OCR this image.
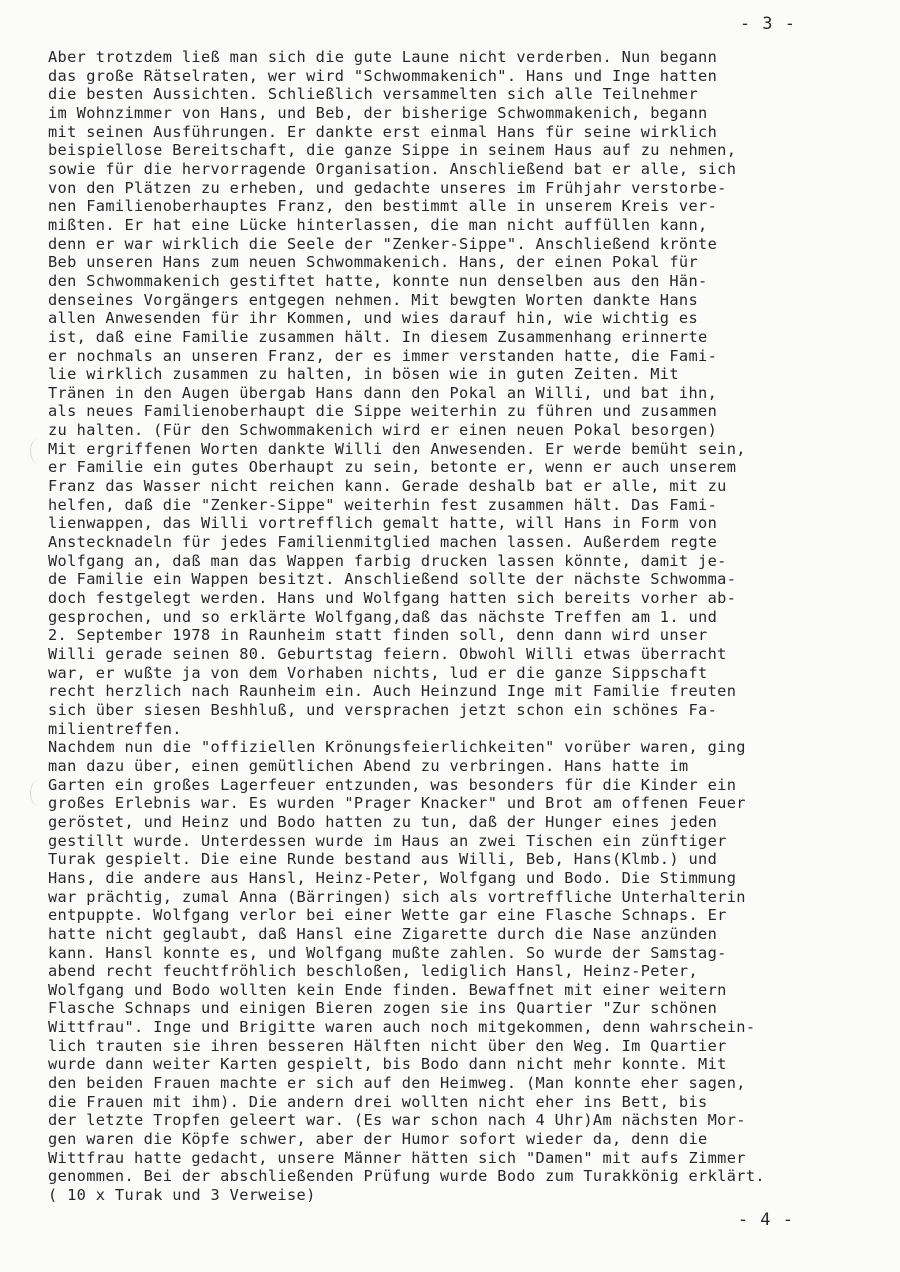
- 3 -
Aber trotzdem ließ man sich die gute Laune nicht verderben. Nun begann
das große Rätselraten, wer wird "Schwommakenich". Hans und Inge hatten
die besten Aussichten. Schließlich versammelten sich alle Teilnehmer
im Wohnzimmer von Hans, und Beb, der bisherige Schwommakenich, begann
mit seinen Ausführungen. Er dankte erst einmal Hans für seine wirklich
beispiellose Bereitschaft, die ganze Sippe in seinem Haus auf zu nehmen,
sowie für die hervorragende Organisation. Anschließend bat er alle, sich
von den Plätzen zu erheben, und gedachte unseres im Frühjahr verstorbe-
nen Familienoberhauptes Franz, den bestimmt alle in unserem Kreis ver-
mißten. Er hat eine Lücke hinterlassen, die man nicht auffüllen kann,
denn er war wirklich die Seele der "Zenker-Sippe". Anschließend krönte
Beb unseren Hans zum neuen Schwommakenich. Hans, der einen Pokal für
den Schwommakenich gestiftet hatte, konnte nun denselben aus den Hän-
denseines Vorgängers entgegen nehmen. Mit bewgten Worten dankte Hans
allen Anwesenden für ihr Kommen, und wies darauf hin, wie wichtig es
ist, daß eine Familie zusammen hält. In diesem Zusammenhang erinnerte
er nochmals an unseren Franz, der es immer verstanden hatte, die Fami-
lie wirklich zusammen zu halten, in bösen wie in guten Zeiten. Mit
Tränen in den Augen übergab Hans dann den Pokal an Willi, und bat ihn,
als neues Familienoberhaupt die Sippe weiterhin zu führen und zusammen
zu halten. (Für den Schwommakenich wird er einen neuen Pokal besorgen)
Mit ergriffenen Worten dankte Willi den Anwesenden. Er werde bemüht sein,
er Familie ein gutes Oberhaupt zu sein, betonte er, wenn er auch unserem
Franz das Wasser nicht reichen kann. Gerade deshalb bat er alle, mit zu
helfen, daß die "Zenker-Sippe" weiterhin fest zusammen hält. Das Fami-
lienwappen, das Willi vortrefflich gemalt hatte, will Hans in Form von
Anstecknadeln für jedes Familienmitglied machen lassen. Außerdem regte
Wolfgang an, daß man das Wappen farbig drucken lassen könnte, damit je-
de Familie ein Wappen besitzt. Anschließend sollte der nächste Schwomma-
doch festgelegt werden. Hans und Wolfgang hatten sich bereits vorher ab-
gesprochen, und so erklärte Wolfgang,daß das nächste Treffen am 1. und
2. September 1978 in Raunheim statt finden soll, denn dann wird unser
Willi gerade seinen 80. Geburtstag feiern. Obwohl Willi etwas überracht
war, er wußte ja von dem Vorhaben nichts, lud er die ganze Sippschaft
recht herzlich nach Raunheim ein. Auch Heinzund Inge mit Familie freuten
sich über siesen Beshhluß, und versprachen jetzt schon ein schönes Fa-
milientreffen.
Nachdem nun die "offiziellen Krönungsfeierlichkeiten" vorüber waren, ging
man dazu über, einen gemütlichen Abend zu verbringen. Hans hatte im
Garten ein großes Lagerfeuer entzunden, was besonders für die Kinder ein
großes Erlebnis war. Es wurden "Prager Knacker" und Brot am offenen Feuer
geröstet, und Heinz und Bodo hatten zu tun, daß der Hunger eines jeden
gestillt wurde. Unterdessen wurde im Haus an zwei Tischen ein zünftiger
Turak gespielt. Die eine Runde bestand aus Willi, Beb, Hans(Klmb.) und
Hans, die andere aus Hansl, Heinz-Peter, Wolfgang und Bodo. Die Stimmung
war prächtig, zumal Anna (Bärringen) sich als vortreffliche Unterhalterin
entpuppte. Wolfgang verlor bei einer Wette gar eine Flasche Schnaps. Er
hatte nicht geglaubt, daß Hansl eine Zigarette durch die Nase anzünden
kann. Hansl konnte es, und Wolfgang mußte zahlen. So wurde der Samstag-
abend recht feuchtfröhlich beschloßen, lediglich Hansl, Heinz-Peter,
Wolfgang und Bodo wollten kein Ende finden. Bewaffnet mit einer weitern
Flasche Schnaps und einigen Bieren zogen sie ins Quartier "Zur schönen
Wittfrau". Inge und Brigitte waren auch noch mitgekommen, denn wahrschein-
lich trauten sie ihren besseren Hälften nicht über den Weg. Im Quartier
wurde dann weiter Karten gespielt, bis Bodo dann nicht mehr konnte. Mit
den beiden Frauen machte er sich auf den Heimweg. (Man konnte eher sagen,
die Frauen mit ihm). Die andern drei wollten nicht eher ins Bett, bis
der letzte Tropfen geleert war. (Es war schon nach 4 Uhr)Am nächsten Mor-
gen waren die Köpfe schwer, aber der Humor sofort wieder da, denn die
Wittfrau hatte gedacht, unsere Männer hätten sich "Damen" mit aufs Zimmer
genommen. Bei der abschließenden Prüfung wurde Bodo zum Turakkönig erklärt.
( 10 x Turak und 3 Verweise)
- 4 -
